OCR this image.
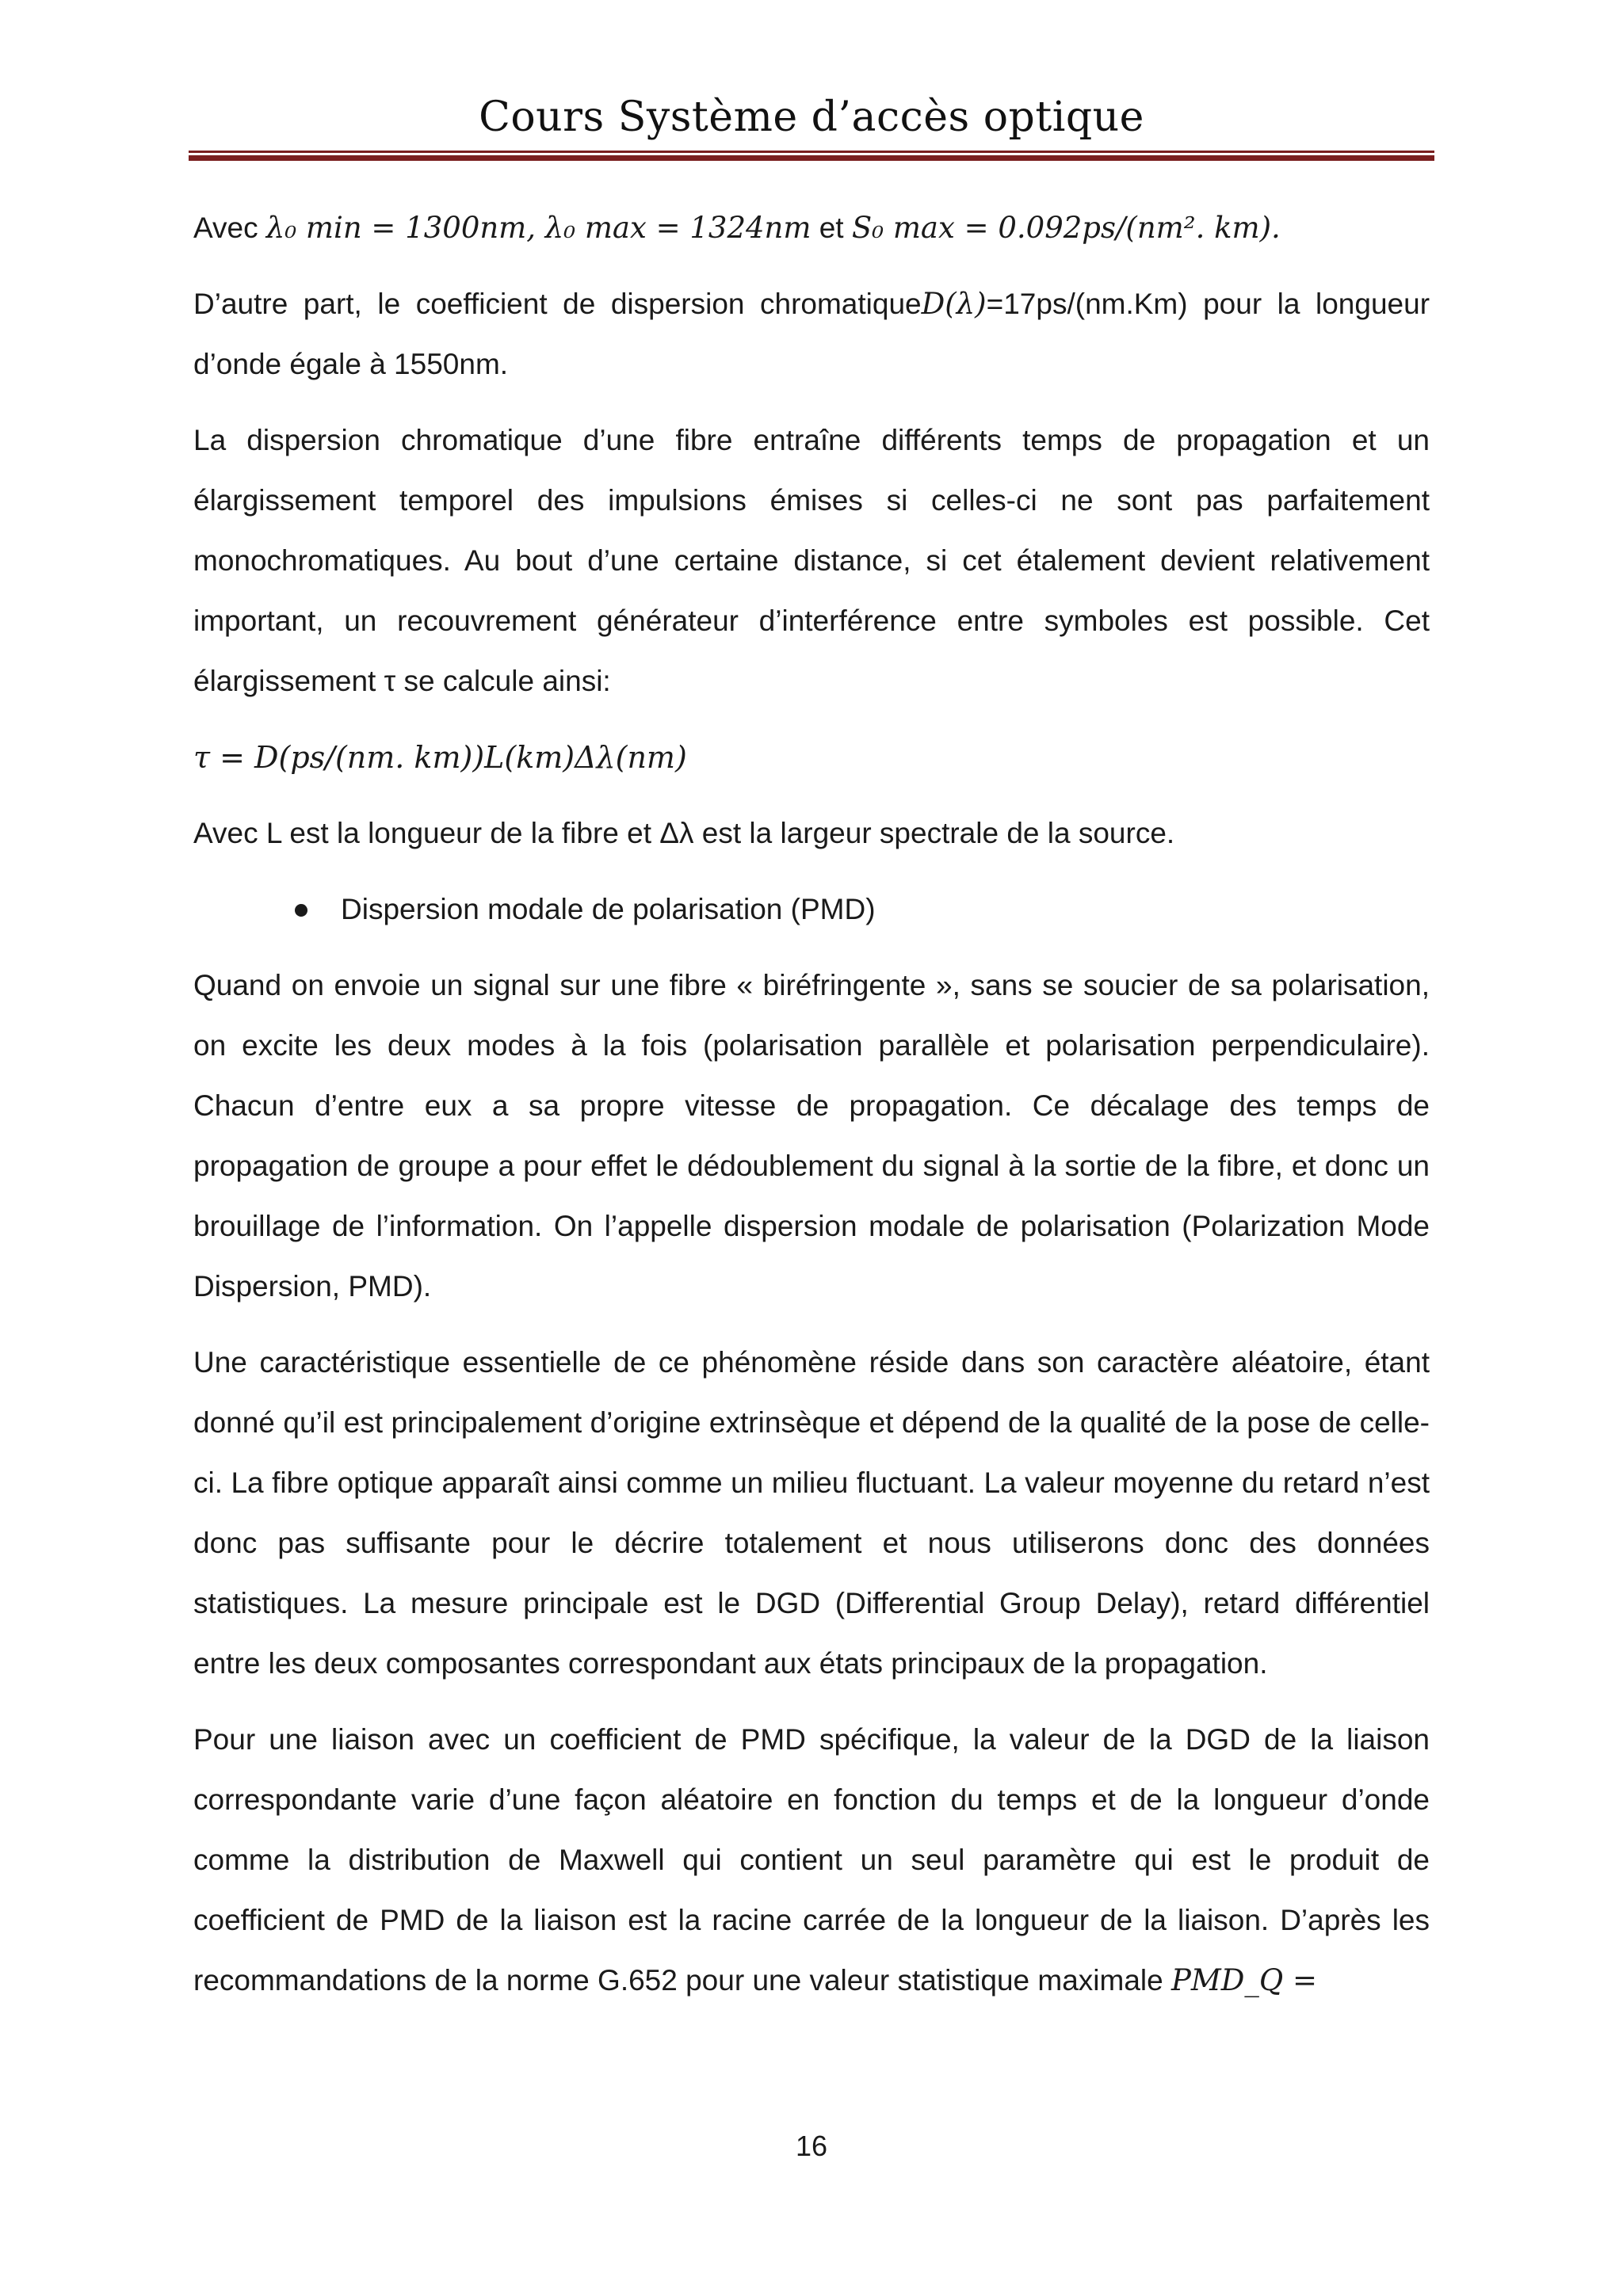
Cours Système d’accès optique

Avec λ₀ min = 1300nm, λ₀ max = 1324nm et S₀ max = 0.092ps/(nm². km).

D’autre part, le coefficient de dispersion chromatiqueD(λ)=17ps/(nm.Km) pour la longueur d’onde égale à 1550nm.

La dispersion chromatique d’une fibre entraîne différents temps de propagation et un élargissement temporel des impulsions émises si celles-ci ne sont pas parfaitement monochromatiques. Au bout d’une certaine distance, si cet étalement devient relativement important, un recouvrement générateur d’interférence entre symboles est possible. Cet élargissement τ se calcule ainsi:

τ = D(ps/(nm. km))L(km)Δλ(nm)

Avec L est la longueur de la fibre et Δλ est la largeur spectrale de la source.

Dispersion modale de polarisation (PMD)

Quand on envoie un signal sur une fibre « biréfringente », sans se soucier de sa polarisation, on excite les deux modes à la fois (polarisation parallèle et polarisation perpendiculaire). Chacun d’entre eux a sa propre vitesse de propagation. Ce décalage des temps de propagation de groupe a pour effet le dédoublement du signal à la sortie de la fibre, et donc un brouillage de l’information. On l’appelle dispersion modale de polarisation (Polarization Mode Dispersion, PMD).

Une caractéristique essentielle de ce phénomène réside dans son caractère aléatoire, étant donné qu’il est principalement d’origine extrinsèque et dépend de la qualité de la pose de celle-ci. La fibre optique apparaît ainsi comme un milieu fluctuant. La valeur moyenne du retard n’est donc pas suffisante pour le décrire totalement et nous utiliserons donc des données statistiques. La mesure principale est le DGD (Differential Group Delay), retard différentiel entre les deux composantes correspondant aux états principaux de la propagation.

Pour une liaison avec un coefficient de PMD spécifique, la valeur de la DGD de la liaison correspondante varie d’une façon aléatoire en fonction du temps et de la longueur d’onde comme la distribution de Maxwell qui contient un seul paramètre qui est le produit de coefficient de PMD de la liaison est la racine carrée de la longueur de la liaison. D’après les recommandations de la norme G.652 pour une valeur statistique maximale PMD_Q =

16
